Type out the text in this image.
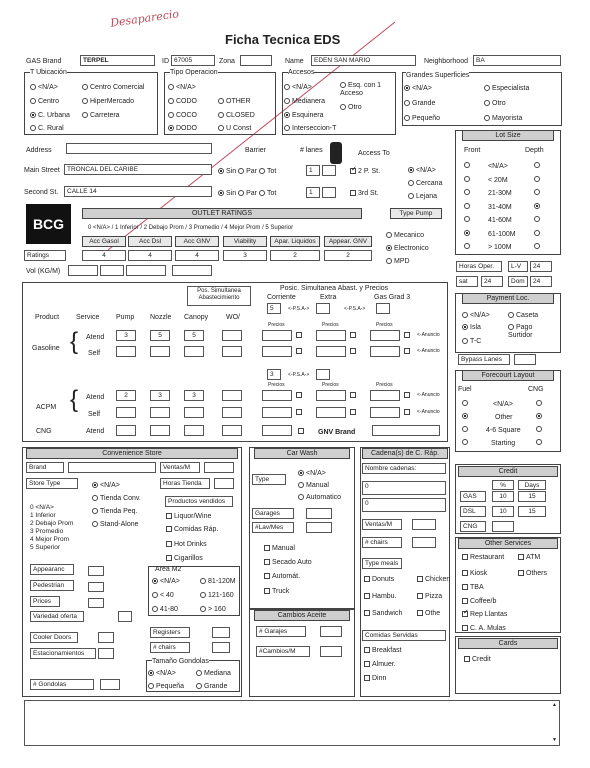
Ficha Tecnica EDS
Desaparecio
GAS Brand	TERPEL	ID 67005	Zona	Name	EDEN SAN MARIO	Neighborhood	BA
T Ubicación
<N/A>	Centro Comercial
Centro	HiperMercado
C. Urbana	Carretera
C. Rural
Tipo Operacion
<N/A>
CODO	OTHER
COCO	CLOSED
DODO	U Const
Accesos
<N/A>	Esq. con 1 Acceso
Medianera
Otro
Esquinera
Interseccion-T
Grandes Superficies
<N/A>	Especialista
Grande	Otro
Pequeño	Mayorista
Address	Barrier	# lanes	Access To
Main Street	TRONCAL DEL CARIBE	Sin Par Tot	1
✓	2 P. St.
Second St.	CALLE 14	Sin Par Tot	1	3rd St.
<N/A>
Cercana
Lejana
BCG
OUTLET RATINGS
0 <N/A> / 1 Inferior / 2 Debajo Prom / 3 Promedio / 4 Mejor Prom / 5 Superior
Acc Gasol
4
Acc Dsl
4
Acc GNV
4
Viability
3
Apar. Liquidos
2
Appear. GNV
2
Ratings
Vol (KG/M)
Type Pump
Mecanico
Electronico
MPD
Lot Size
Front	Depth
<N/A>
< 20M
21-30M
31-40M
41-60M
61-100M
> 100M
Horas Oper.	L-V	24
sat	24	Dom	24
Payment Loc.
<N/A>	Caseta
Isla	Pago Surtidor
T-C
Bypass Lanes
Forecourt Layout
Fuel	CNG
<N/A>
Other
4-6 Square
Starting
Pos. Simultanea Abastecimiento
Posic. Simultanea Abast. y Precios
Corriente	Extra	Gas Grad 3
5	<-P.S.A->	<-P.S.A->
Product Service Pump Nozzle Canopy	WO/
Gasoline { Atend
Self
3	5	5	<-Anuncio
<-Anuncio
Precios	Precios	Precios
ACPM { Atend
Self
3	<-P.S.A->
2	3	3	<-Anuncio
<-Anuncio
Precios	Precios	Precios
CNG	Atend	GNV Brand
Convenience Store
Brand	Ventas/M
Store Type	<N/A>
Tienda Conv.
Tienda Peq.
Stand-Alone
Horas Tienda
Productos vendidos
Liquor/Wine
Comidas Ráp.
Hot Drinks
Cigarillos
0 <N/A>
1 Inferior
2 Debajo Prom
3 Promedio
4 Mejor Prom
5 Superior
Appearanc
Pedestrian
Prices
Variedad oferta
Area M2
<N/A>	81-120M
< 40	121-160
41-80	> 160
Cooler Doors
Estacionamientos
Registers
# chairs
Tamaño Gondolas
<N/A>	Mediana
Pequeña	Grande
# Gondolas
Car Wash
Type
<N/A>
Manual
Automatico
Garages
#Lav/Mes
Manual
Secado Auto
Automát.
Truck
Cambios Aceite
# Garajes
#Cambios/M
Cadena(s) de C. Ráp.
Nombre cadenas:
0
0
Ventas/M
# chairs
Type meals
Donuts	Chicken
Hambu.	Pizza
Sandwich	Othe
Comidas Servidas
Breakfast
Almuer.
Dinn
Credit
%	Days
GAS	10	15
DSL	10	15
CNG
Other Services
Restaurant	ATM
Kiosk	Others
TBA
Coffee/b
✓Rep Llantas
C. A. Mulas
Cards
Credit
▲
▼
